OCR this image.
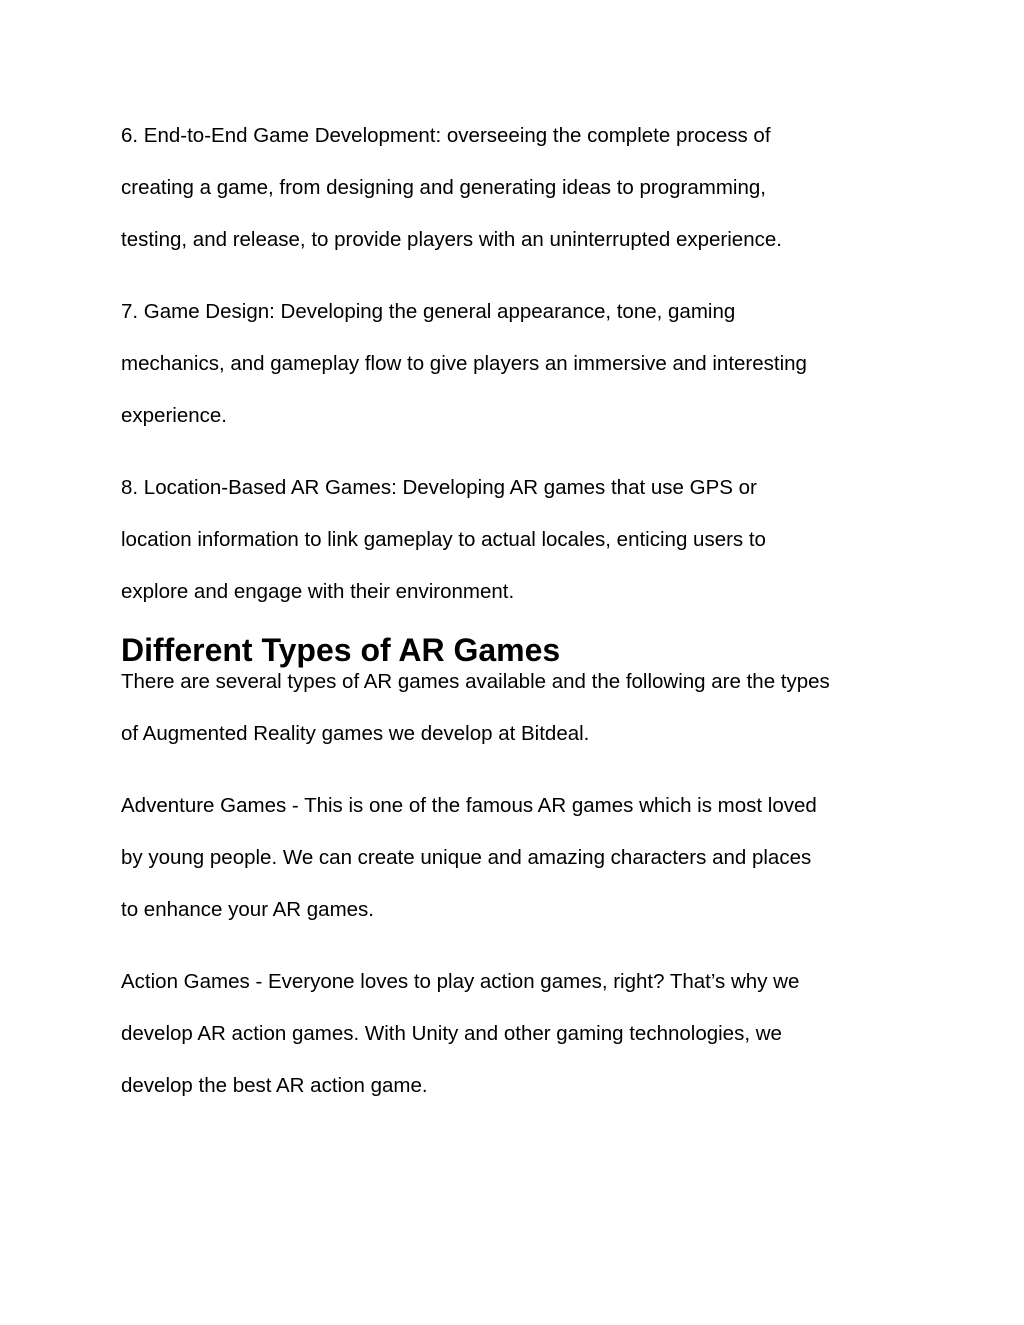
6. End-to-End Game Development: overseeing the complete process of
creating a game, from designing and generating ideas to programming,
testing, and release, to provide players with an uninterrupted experience.

7. Game Design: Developing the general appearance, tone, gaming
mechanics, and gameplay flow to give players an immersive and interesting
experience.

8. Location-Based AR Games: Developing AR games that use GPS or
location information to link gameplay to actual locales, enticing users to
explore and engage with their environment.

Different Types of AR Games

There are several types of AR games available and the following are the types
of Augmented Reality games we develop at Bitdeal.

Adventure Games - This is one of the famous AR games which is most loved
by young people. We can create unique and amazing characters and places
to enhance your AR games.

Action Games - Everyone loves to play action games, right? That’s why we
develop AR action games. With Unity and other gaming technologies, we
develop the best AR action game.
